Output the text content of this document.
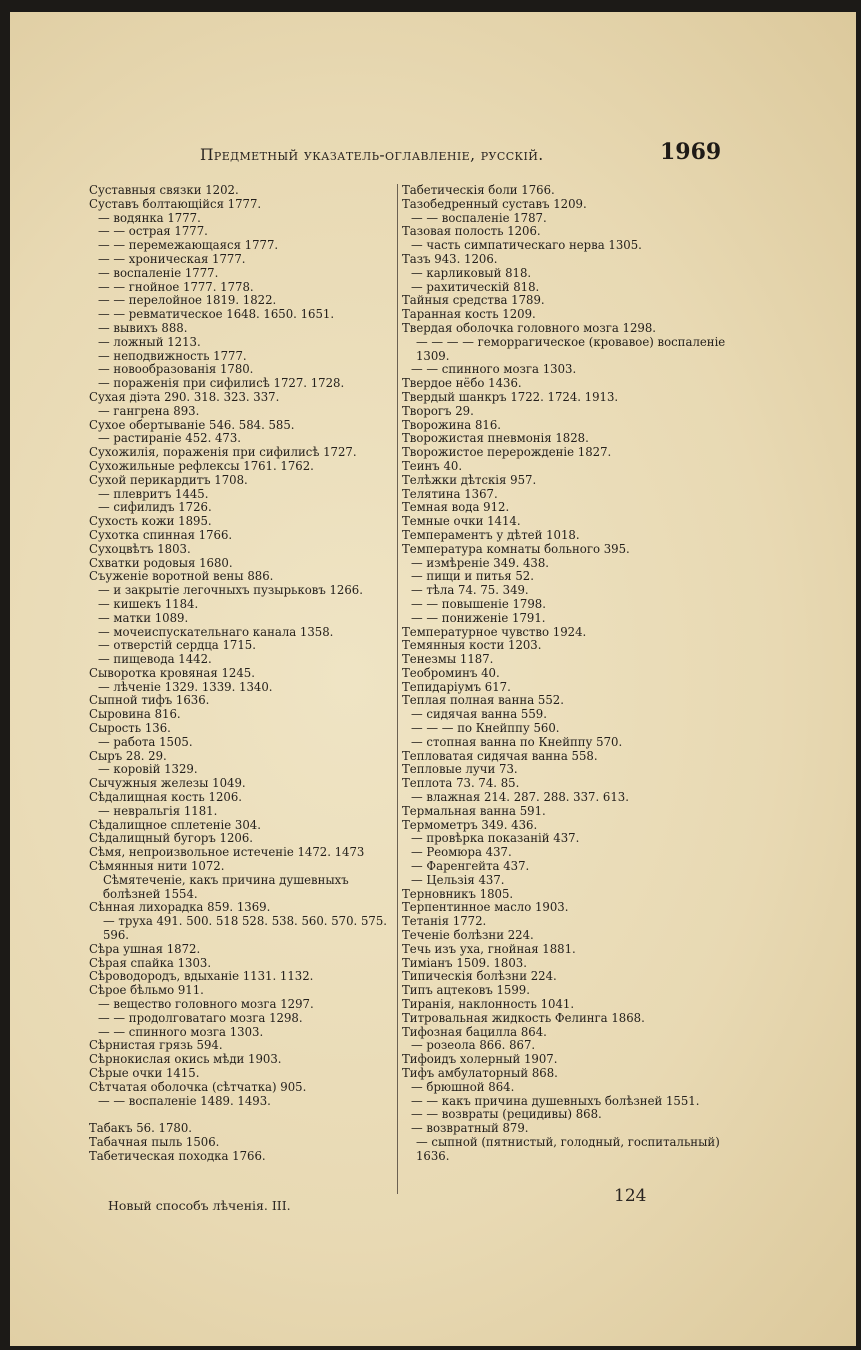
Предметный указатель-оглавленіе, русскій.	1969
Суставныя связки 1202.
Суставъ болтающійся 1777.
— водянка 1777.
— — острая 1777.
— — перемежающаяся 1777.
— — хроническая 1777.
— воспаленіе 1777.
— — гнойное 1777. 1778.
— — перелойное 1819. 1822.
— — ревматическое 1648. 1650. 1651.
— вывихъ 888.
— ложный 1213.
— неподвижность 1777.
— новообразованія 1780.
— пораженія при сифилисѣ 1727. 1728.
Сухая діэта 290. 318. 323. 337.
— гангрена 893.
Сухое обертываніе 546. 584. 585.
— растираніе 452. 473.
Сухожилія, пораженія при сифилисѣ 1727.
Сухожильные рефлексы 1761. 1762.
Сухой перикардитъ 1708.
— плевритъ 1445.
— сифилидъ 1726.
Сухость кожи 1895.
Сухотка спинная 1766.
Сухоцвѣтъ 1803.
Схватки родовыя 1680.
Съуженіе воротной вены 886.
— и закрытіе легочныхъ пузырьковъ 1266.
— кишекъ 1184.
— матки 1089.
— мочеиспускательнаго канала 1358.
— отверстій сердца 1715.
— пищевода 1442.
Сыворотка кровяная 1245.
— лѣченіе 1329. 1339. 1340.
Сыпной тифъ 1636.
Сыровина 816.
Сырость 136.
— работа 1505.
Сыръ 28. 29.
— коровій 1329.
Сычужныя железы 1049.
Сѣдалищная кость 1206.
— невральгія 1181.
Сѣдалищное сплетеніе 304.
Сѣдалищный бугоръ 1206.
Сѣмя, непроизвольное истеченіе 1472. 1473
Сѣмянныя нити 1072.
Сѣмятеченіе, какъ причина душевныхъ болѣзней 1554.
Сѣнная лихорадка 859. 1369.
— труха 491. 500. 518 528. 538. 560. 570. 575. 596.
Сѣра ушная 1872.
Сѣрая спайка 1303.
Сѣроводородъ, вдыханіе 1131. 1132.
Сѣрое бѣльмо 911.
— вещество головного мозга 1297.
— — продолговатаго мозга 1298.
— — спинного мозга 1303.
Сѣрнистая грязь 594.
Сѣрнокислая окись мѣди 1903.
Сѣрые очки 1415.
Сѣтчатая оболочка (сѣтчатка) 905.
— — воспаленіе 1489. 1493.
Табакъ 56. 1780.
Табачная пыль 1506.
Табетическая походка 1766.
Табетическія боли 1766.
Тазобедренный суставъ 1209.
— — воспаленіе 1787.
Тазовая полость 1206.
— часть симпатическаго нерва 1305.
Тазъ 943. 1206.
— карликовый 818.
— рахитическій 818.
Тайныя средства 1789.
Таранная кость 1209.
Твердая оболочка головного мозга 1298.
— — — — геморрагическое (кровавое) воспаленіе 1309.
— — спинного мозга 1303.
Твердое нёбо 1436.
Твердый шанкръ 1722. 1724. 1913.
Творогъ 29.
Творожина 816.
Творожистая пневмонія 1828.
Творожистое перерожденіе 1827.
Теинъ 40.
Телѣжки дѣтскія 957.
Телятина 1367.
Темная вода 912.
Темные очки 1414.
Темпераментъ у дѣтей 1018.
Температура комнаты больного 395.
— измѣреніе 349. 438.
— пищи и питья 52.
— тѣла 74. 75. 349.
— — повышеніе 1798.
— — пониженіе 1791.
Температурное чувство 1924.
Темянныя кости 1203.
Тенезмы 1187.
Теоброминъ 40.
Тепидаріумъ 617.
Теплая полная ванна 552.
— сидячая ванна 559.
— — — по Кнейппу 560.
— стопная ванна по Кнейппу 570.
Тепловатая сидячая ванна 558.
Тепловые лучи 73.
Теплота 73. 74. 85.
— влажная 214. 287. 288. 337. 613.
Термальная ванна 591.
Термометръ 349. 436.
— провѣрка показаній 437.
— Реомюра 437.
— Фаренгейта 437.
— Цельзія 437.
Терновникъ 1805.
Терпентинное масло 1903.
Тетанія 1772.
Теченіе болѣзни 224.
Течь изъ уха, гнойная 1881.
Тиміанъ 1509. 1803.
Типическія болѣзни 224.
Типъ ацтековъ 1599.
Тиранія, наклонность 1041.
Титровальная жидкость Фелинга 1868.
Тифозная бацилла 864.
— розеола 866. 867.
Тифоидъ холерный 1907.
Тифъ амбулаторный 868.
— брюшной 864.
— — какъ причина душевныхъ болѣзней 1551.
— — возвраты (рецидивы) 868.
— возвратный 879.
— сыпной (пятнистый, голодный, госпитальный) 1636.
Новый способъ лѣченія. III.	124
